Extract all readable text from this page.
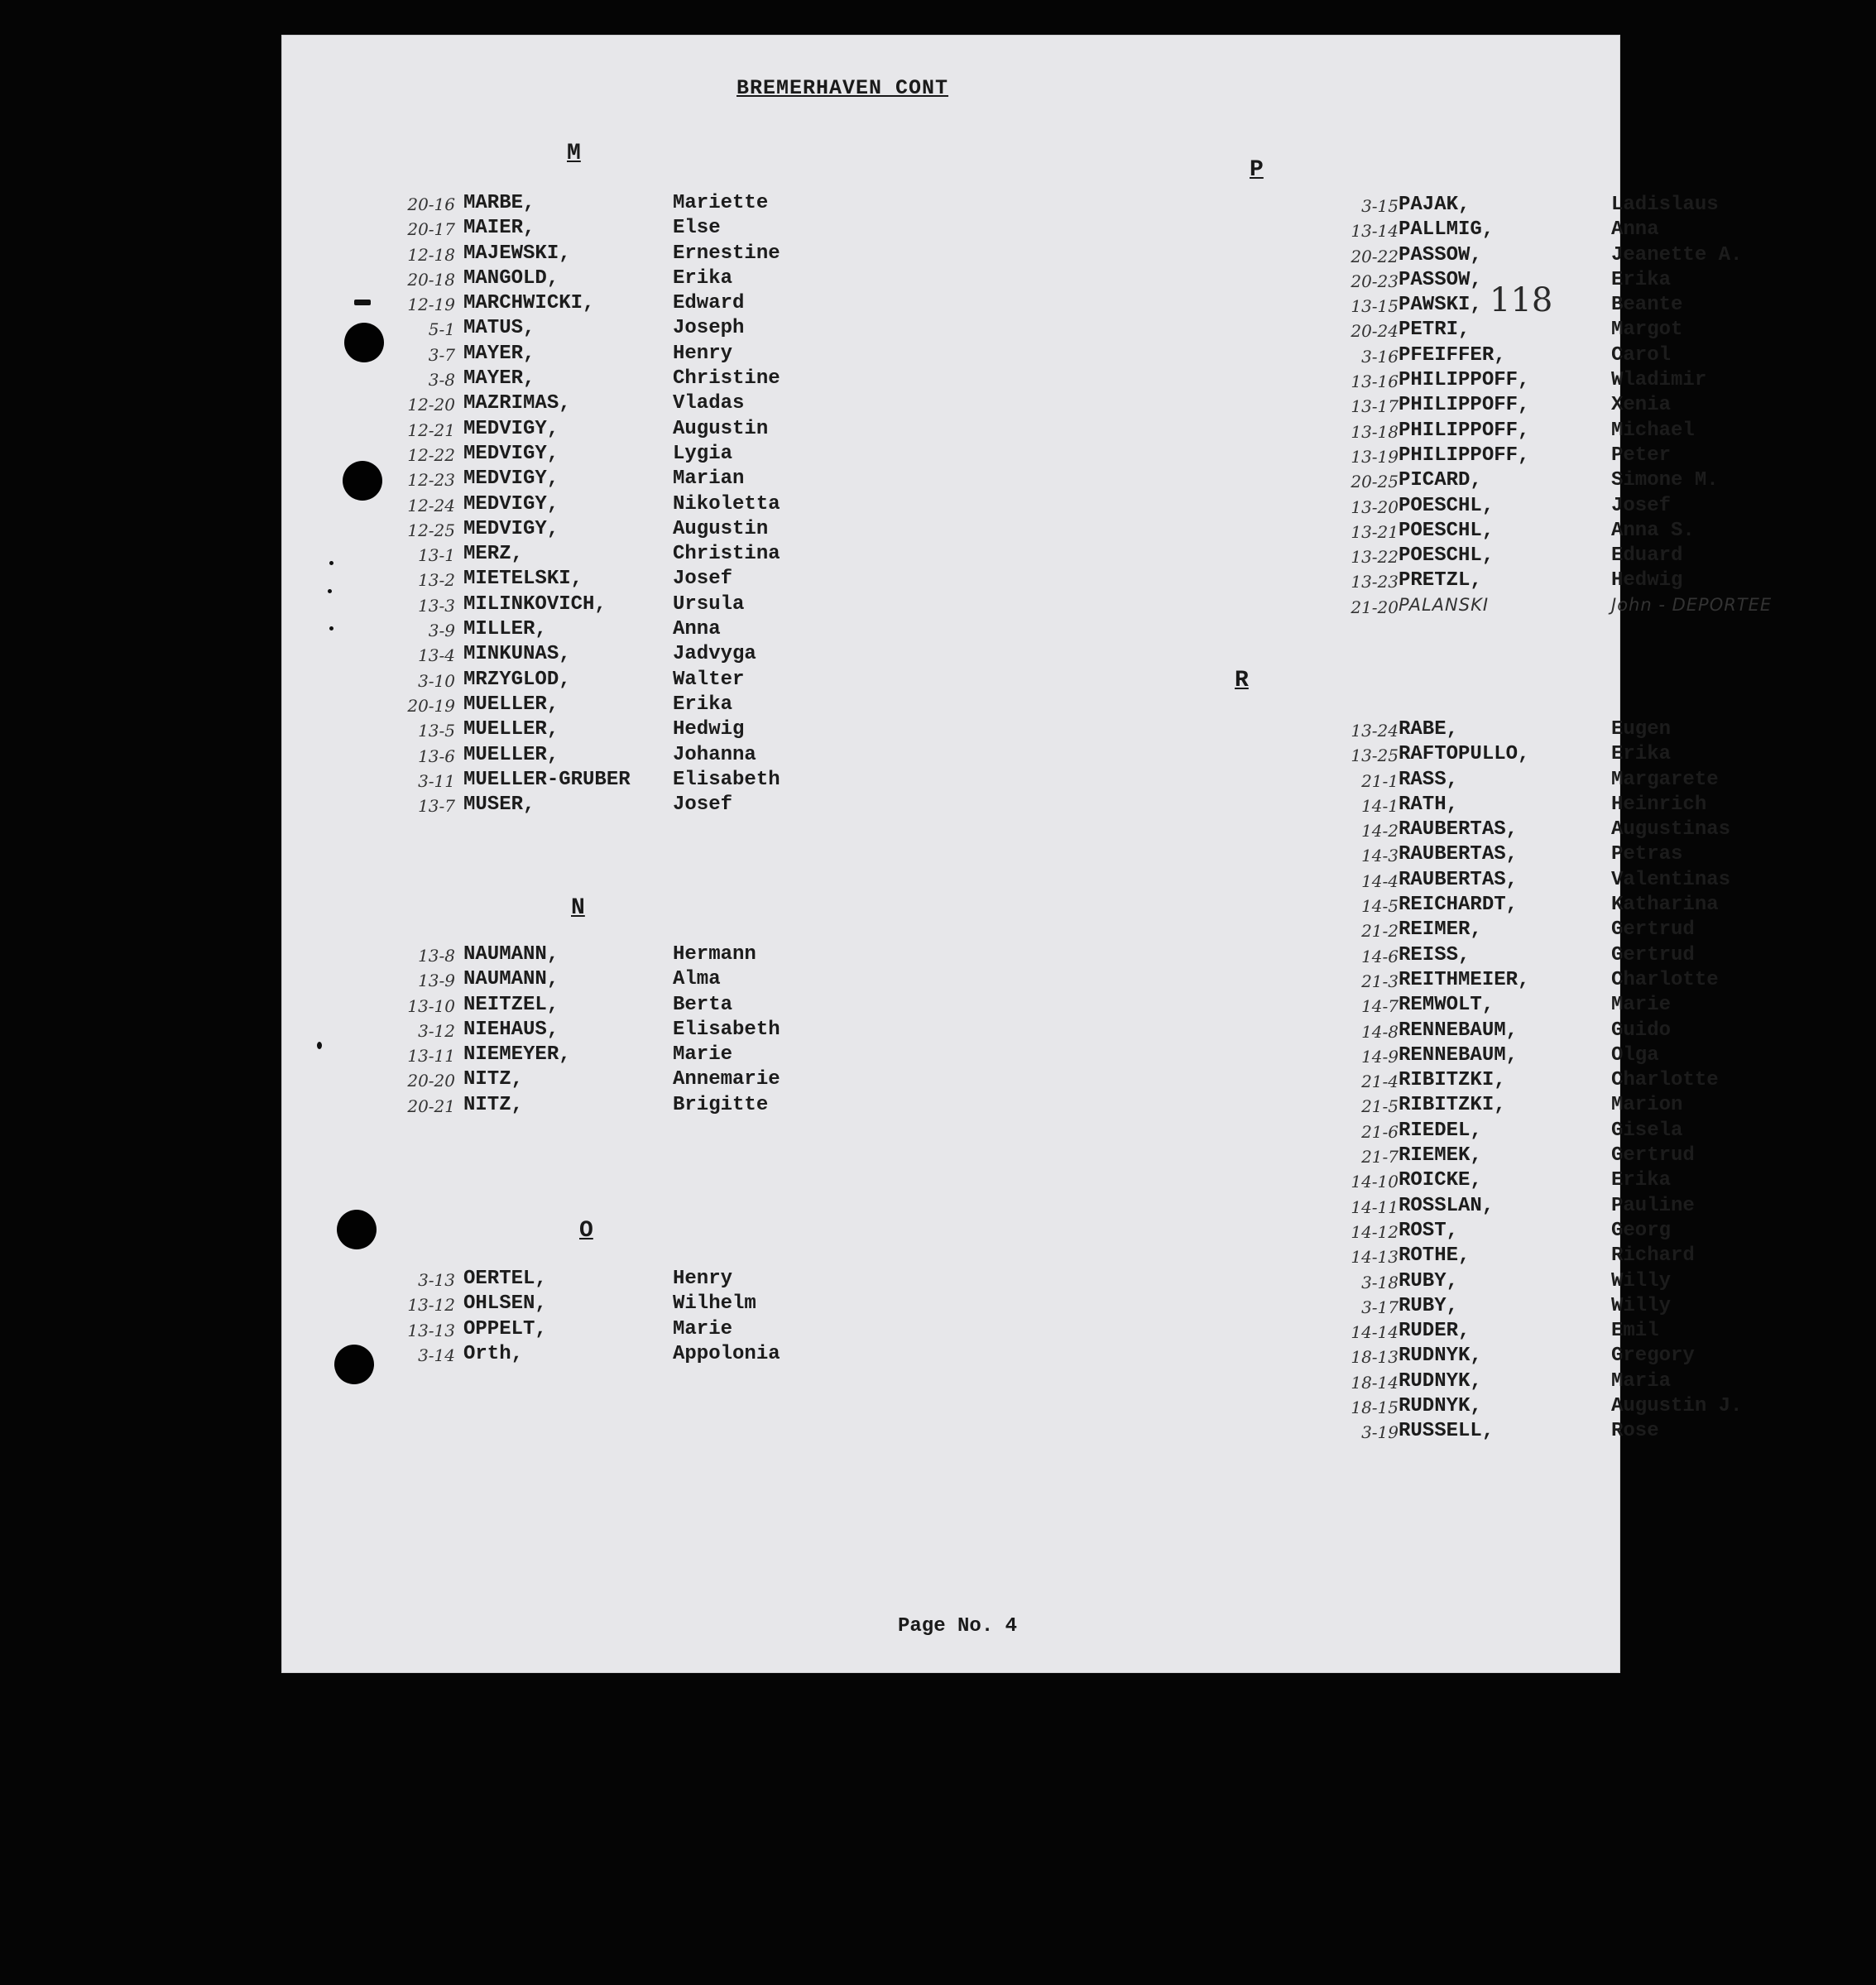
BREMERHAVEN CONT
118
M
20-16 MARBE,	Mariette
20-17 MAIER,	Else
12-18 MAJEWSKI,	Ernestine
20-18 MANGOLD,	Erika
12-19 MARCHWICKI,	Edward
5-1 MATUS,	Joseph
3-7 MAYER,	Henry
3-8 MAYER,	Christine
12-20 MAZRIMAS,	Vladas
12-21 MEDVIGY,	Augustin
12-22 MEDVIGY,	Lygia
12-23 MEDVIGY,	Marian
12-24 MEDVIGY,	Nikoletta
12-25 MEDVIGY,	Augustin
13-1 MERZ,	Christina
13-2 MIETELSKI,	Josef
13-3 MILINKOVICH,	Ursula
3-9 MILLER,	Anna
13-4 MINKUNAS,	Jadvyga
3-10 MRZYGLOD,	Walter
20-19 MUELLER,	Erika
13-5 MUELLER,	Hedwig
13-6 MUELLER,	Johanna
3-11 MUELLER-GRUBER Elisabeth
13-7 MUSER,	Josef
N
13-8 NAUMANN,	Hermann
13-9 NAUMANN,	Alma
13-10 NEITZEL,	Berta
3-12 NIEHAUS,	Elisabeth
13-11 NIEMEYER,	Marie
20-20 NITZ,	Annemarie
20-21 NITZ,	Brigitte
O
3-13 OERTEL,	Henry
13-12 OHLSEN,	Wilhelm
13-13 OPPELT,	Marie
3-14 Orth,	Appolonia
P
3-15 PAJAK,	Ladislaus
13-14 PALLMIG,	Anna
20-22 PASSOW,	Jeanette A.
20-23 PASSOW,	Erika
13-15 PAWSKI,	Beante
20-24 PETRI,	Margot
3-16 PFEIFFER,	Carol
13-16 PHILIPPOFF,	Wladimir
13-17 PHILIPPOFF,	Xenia
13-18 PHILIPPOFF,	Michael
13-19 PHILIPPOFF,	Peter
20-25 PICARD,	Simone M.
13-20 POESCHL,	Josef
13-21 POESCHL,	Anna S.
13-22 POESCHL,	Eduard
13-23 PRETZL,	Hedwig
21-20 PALANSKI	John - DEPORTEE
R
13-24 RABE,	Eugen
13-25 RAFTOPULLO,	Erika
21-1 RASS,	Margarete
14-1 RATH,	Heinrich
14-2 RAUBERTAS,	Augustinas
14-3 RAUBERTAS,	Petras
14-4 RAUBERTAS,	Valentinas
14-5 REICHARDT,	Katharina
21-2 REIMER,	Gertrud
14-6 REISS,	Gertrud
21-3 REITHMEIER,	Charlotte
14-7 REMWOLT,	Marie
14-8 RENNEBAUM,	Guido
14-9 RENNEBAUM,	Olga
21-4 RIBITZKI,	Charlotte
21-5 RIBITZKI,	Marion
21-6 RIEDEL,	Gisela
21-7 RIEMEK,	Gertrud
14-10 ROICKE,	Erika
14-11 ROSSLAN,	Pauline
14-12 ROST,	Georg
14-13 ROTHE,	Richard
3-18 RUBY,	Willy
3-17 RUBY,	Willy
14-14 RUDER,	Emil
18-13 RUDNYK,	Gregory
18-14 RUDNYK,	Maria
18-15 RUDNYK,	Augustin J.
3-19 RUSSELL,	Rose
Page No. 4
